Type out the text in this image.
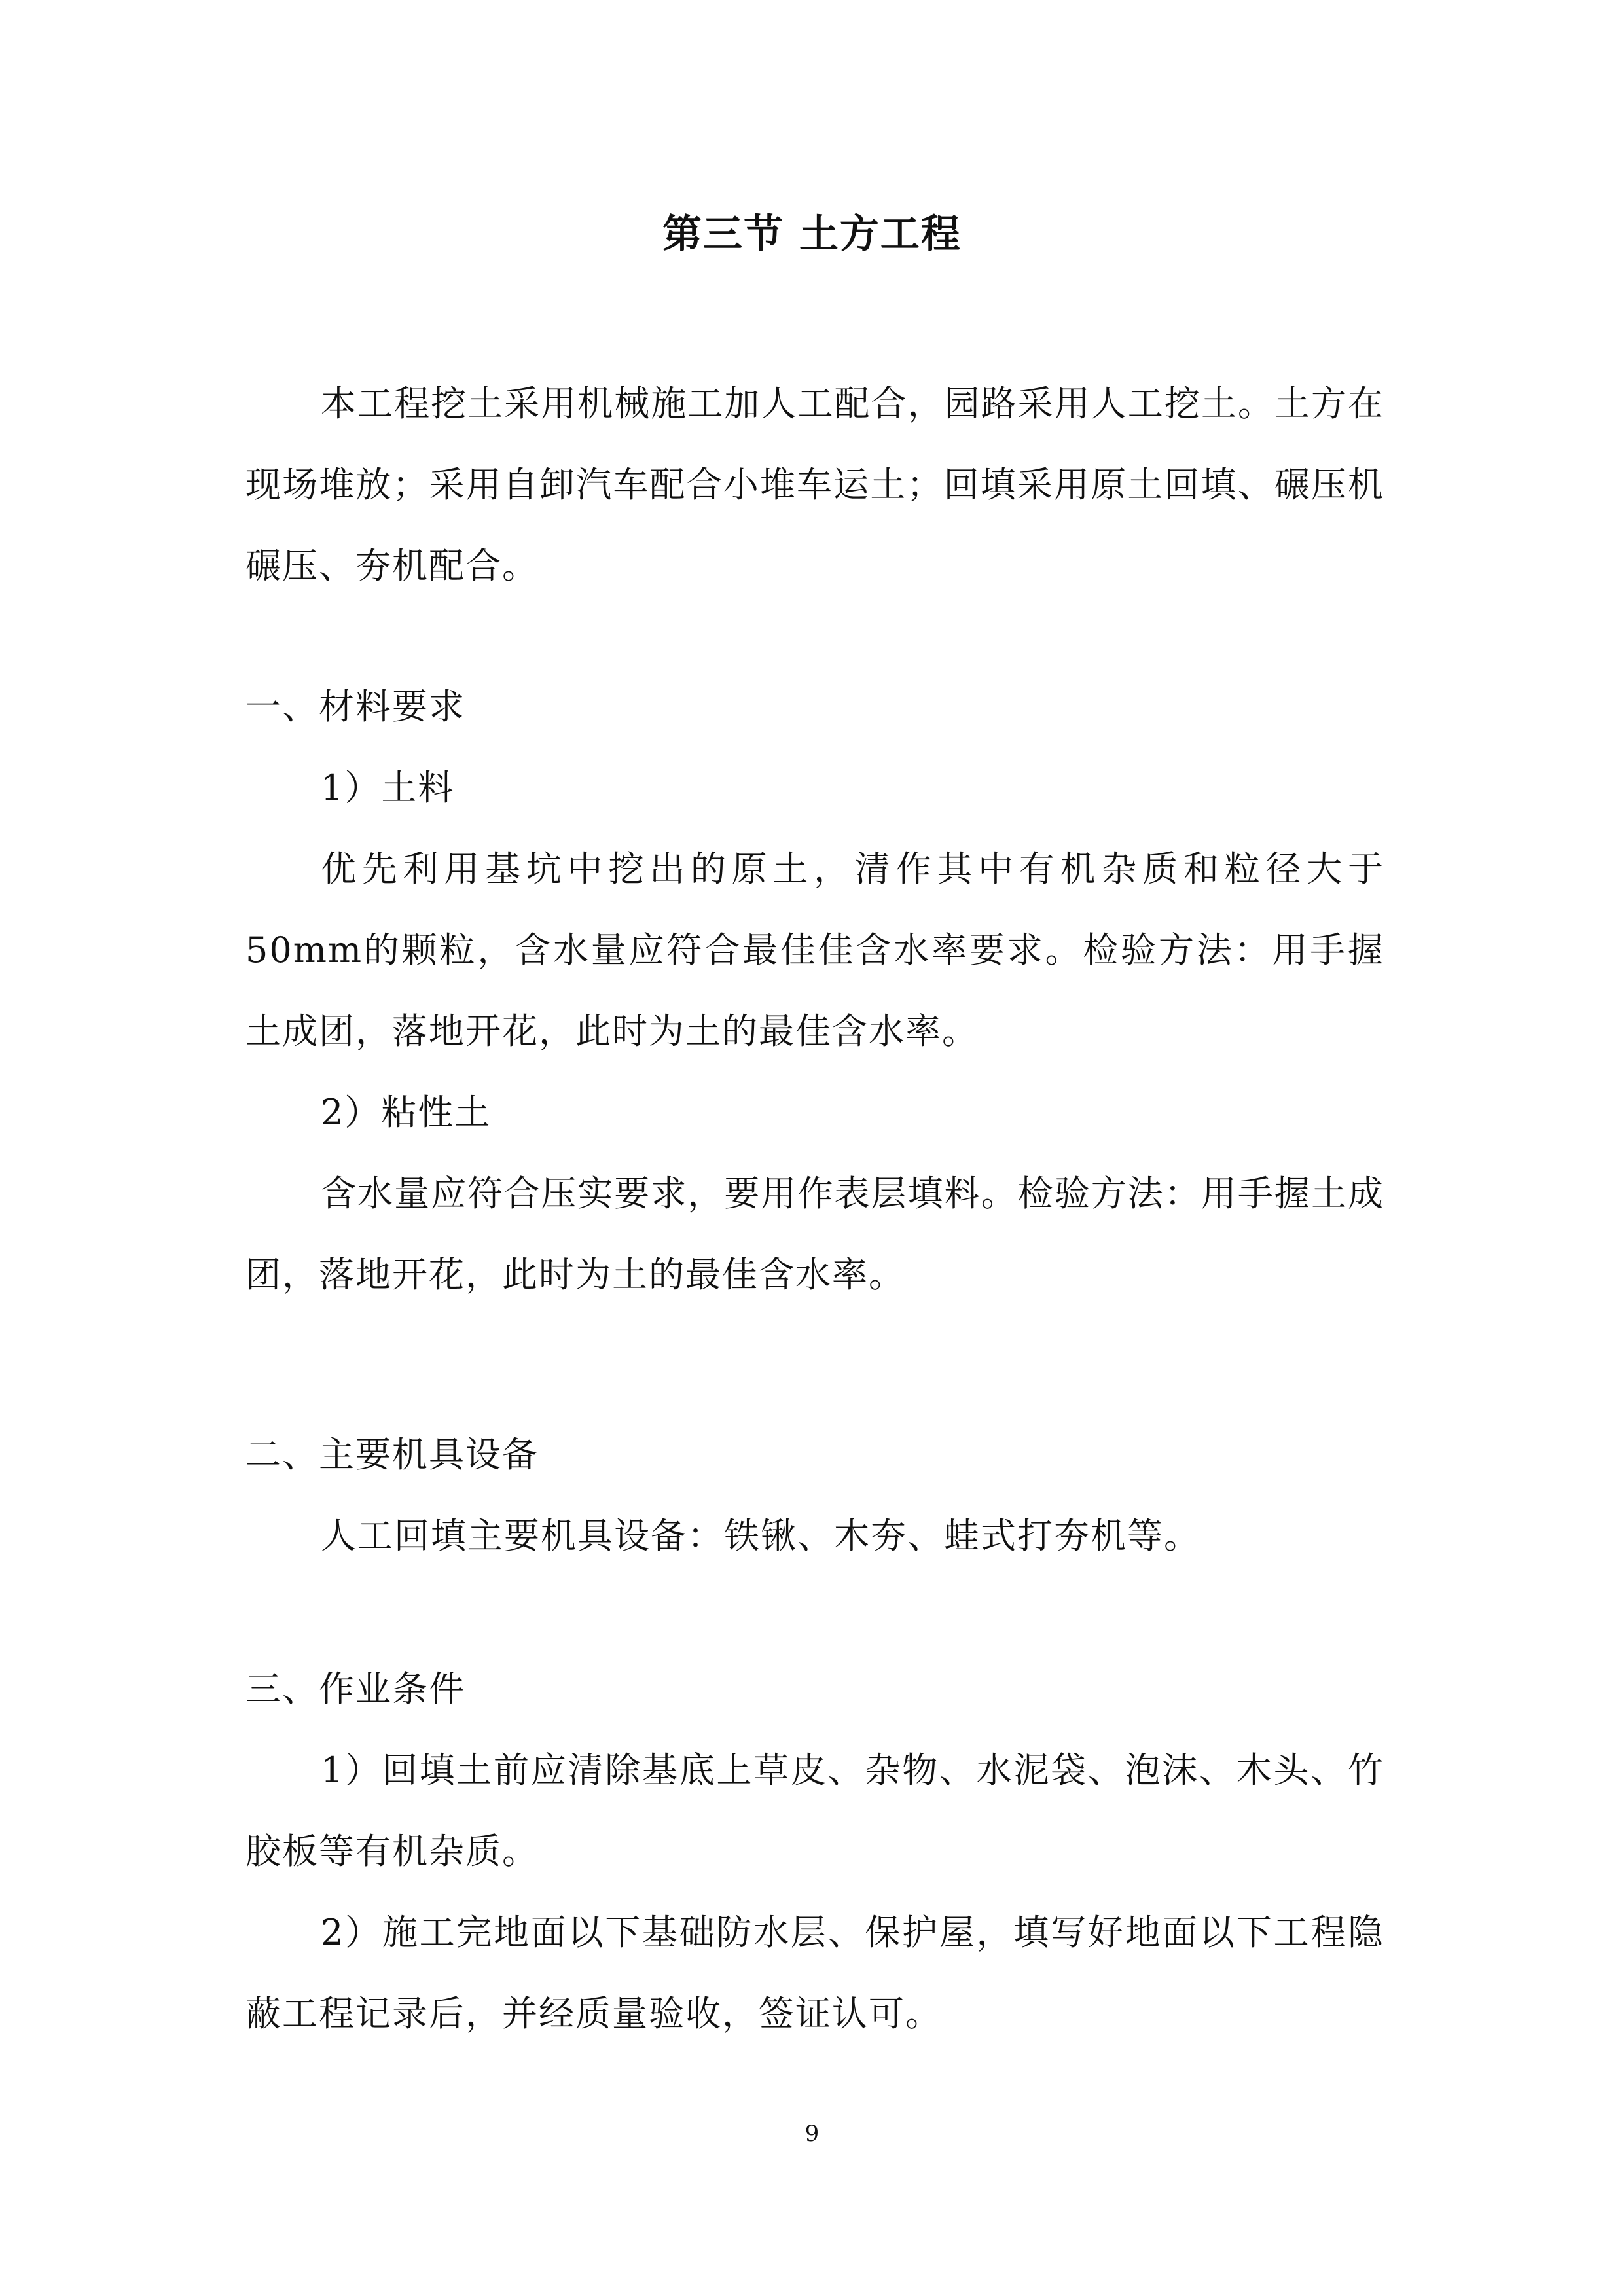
第三节 土方工程

本工程挖土采用机械施工加人工配合，园路采用人工挖土。土方在现场堆放；采用自卸汽车配合小堆车运土；回填采用原土回填、碾压机碾压、夯机配合。

一、材料要求

1）土料

优先利用基坑中挖出的原土，清作其中有机杂质和粒径大于50mm的颗粒，含水量应符合最佳佳含水率要求。检验方法：用手握土成团，落地开花，此时为土的最佳含水率。

2）粘性土

含水量应符合压实要求，要用作表层填料。检验方法：用手握土成团，落地开花，此时为土的最佳含水率。

二、主要机具设备

人工回填主要机具设备：铁锹、木夯、蛙式打夯机等。

三、作业条件

1）回填土前应清除基底上草皮、杂物、水泥袋、泡沫、木头、竹胶板等有机杂质。

2）施工完地面以下基础防水层、保护屋，填写好地面以下工程隐蔽工程记录后，并经质量验收，签证认可。

9
